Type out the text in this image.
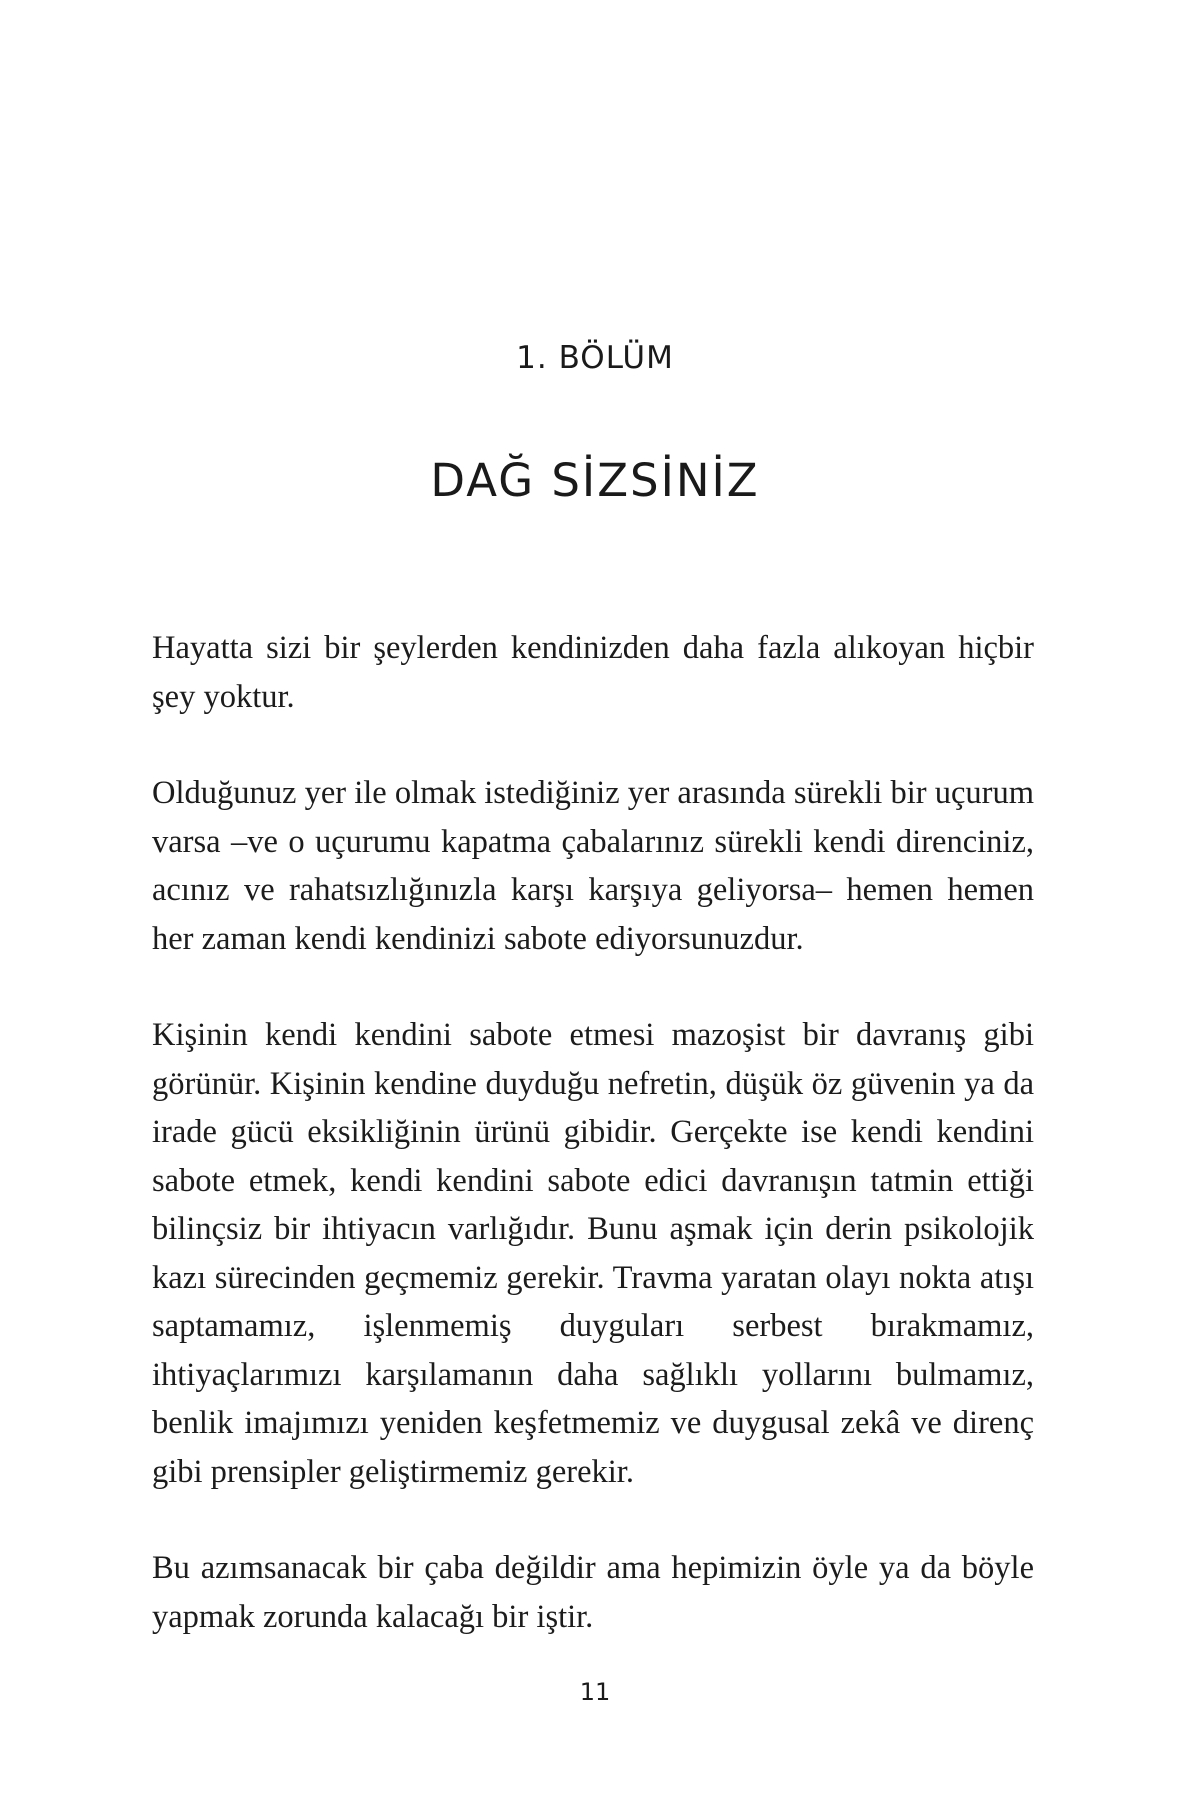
1. BÖLÜM
DAĞ SİZSİNİZ

Hayatta sizi bir şeylerden kendinizden daha fazla alıkoyan hiçbir şey yoktur.

Olduğunuz yer ile olmak istediğiniz yer arasında sürekli bir uçurum varsa –ve o uçurumu kapatma çabalarınız sürekli kendi direnciniz, acınız ve rahatsızlığınızla karşı karşıya geliyorsa– hemen hemen her zaman kendi kendinizi sabote ediyorsunuzdur.

Kişinin kendi kendini sabote etmesi mazoşist bir davranış gibi görünür. Kişinin kendine duyduğu nefretin, düşük öz güvenin ya da irade gücü eksikliğinin ürünü gibidir. Gerçekte ise kendi kendini sabote etmek, kendi kendini sabote edici davranışın tatmin ettiği bilinçsiz bir ihtiyacın varlığıdır. Bunu aşmak için derin psikolojik kazı sürecinden geçmemiz gerekir. Travma yaratan olayı nokta atışı saptamamız, işlenmemiş duyguları serbest bırakmamız, ihtiyaçlarımızı karşılamanın daha sağlıklı yollarını bulmamız, benlik imajımızı yeniden keşfetmemiz ve duygusal zekâ ve direnç gibi prensipler geliştirmemiz gerekir.

Bu azımsanacak bir çaba değildir ama hepimizin öyle ya da böyle yapmak zorunda kalacağı bir iştir.

11
